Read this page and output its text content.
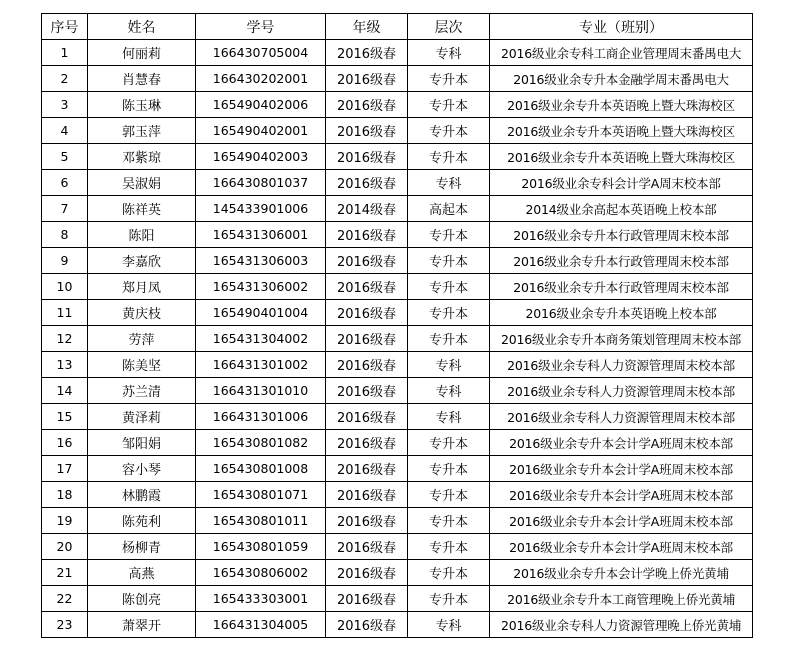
序号	姓名	学号	年级	层次	专业（班别）
1	何丽莉	166430705004	2016级春	专科	2016级业余专科工商企业管理周末番禺电大
2	肖慧春	166430202001	2016级春	专升本	2016级业余专升本金融学周末番禺电大
3	陈玉琳	165490402006	2016级春	专升本	2016级业余专升本英语晚上暨大珠海校区
4	郭玉萍	165490402001	2016级春	专升本	2016级业余专升本英语晚上暨大珠海校区
5	邓紫琼	165490402003	2016级春	专升本	2016级业余专升本英语晚上暨大珠海校区
6	吴淑娟	166430801037	2016级春	专科	2016级业余专科会计学A周末校本部
7	陈祥英	145433901006	2014级春	高起本	2014级业余高起本英语晚上校本部
8	陈阳	165431306001	2016级春	专升本	2016级业余专升本行政管理周末校本部
9	李嘉欣	165431306003	2016级春	专升本	2016级业余专升本行政管理周末校本部
10	郑月凤	165431306002	2016级春	专升本	2016级业余专升本行政管理周末校本部
11	黄庆枝	165490401004	2016级春	专升本	2016级业余专升本英语晚上校本部
12	劳萍	165431304002	2016级春	专升本	2016级业余专升本商务策划管理周末校本部
13	陈美坚	166431301002	2016级春	专科	2016级业余专科人力资源管理周末校本部
14	苏兰清	166431301010	2016级春	专科	2016级业余专科人力资源管理周末校本部
15	黄泽莉	166431301006	2016级春	专科	2016级业余专科人力资源管理周末校本部
16	邹阳娟	165430801082	2016级春	专升本	2016级业余专升本会计学A班周末校本部
17	容小琴	165430801008	2016级春	专升本	2016级业余专升本会计学A班周末校本部
18	林鹏霞	165430801071	2016级春	专升本	2016级业余专升本会计学A班周末校本部
19	陈苑利	165430801011	2016级春	专升本	2016级业余专升本会计学A班周末校本部
20	杨柳青	165430801059	2016级春	专升本	2016级业余专升本会计学A班周末校本部
21	高燕	165430806002	2016级春	专升本	2016级业余专升本会计学晚上侨光黄埔
22	陈创亮	165433303001	2016级春	专升本	2016级业余专升本工商管理晚上侨光黄埔
23	萧翠开	166431304005	2016级春	专科	2016级业余专科人力资源管理晚上侨光黄埔
